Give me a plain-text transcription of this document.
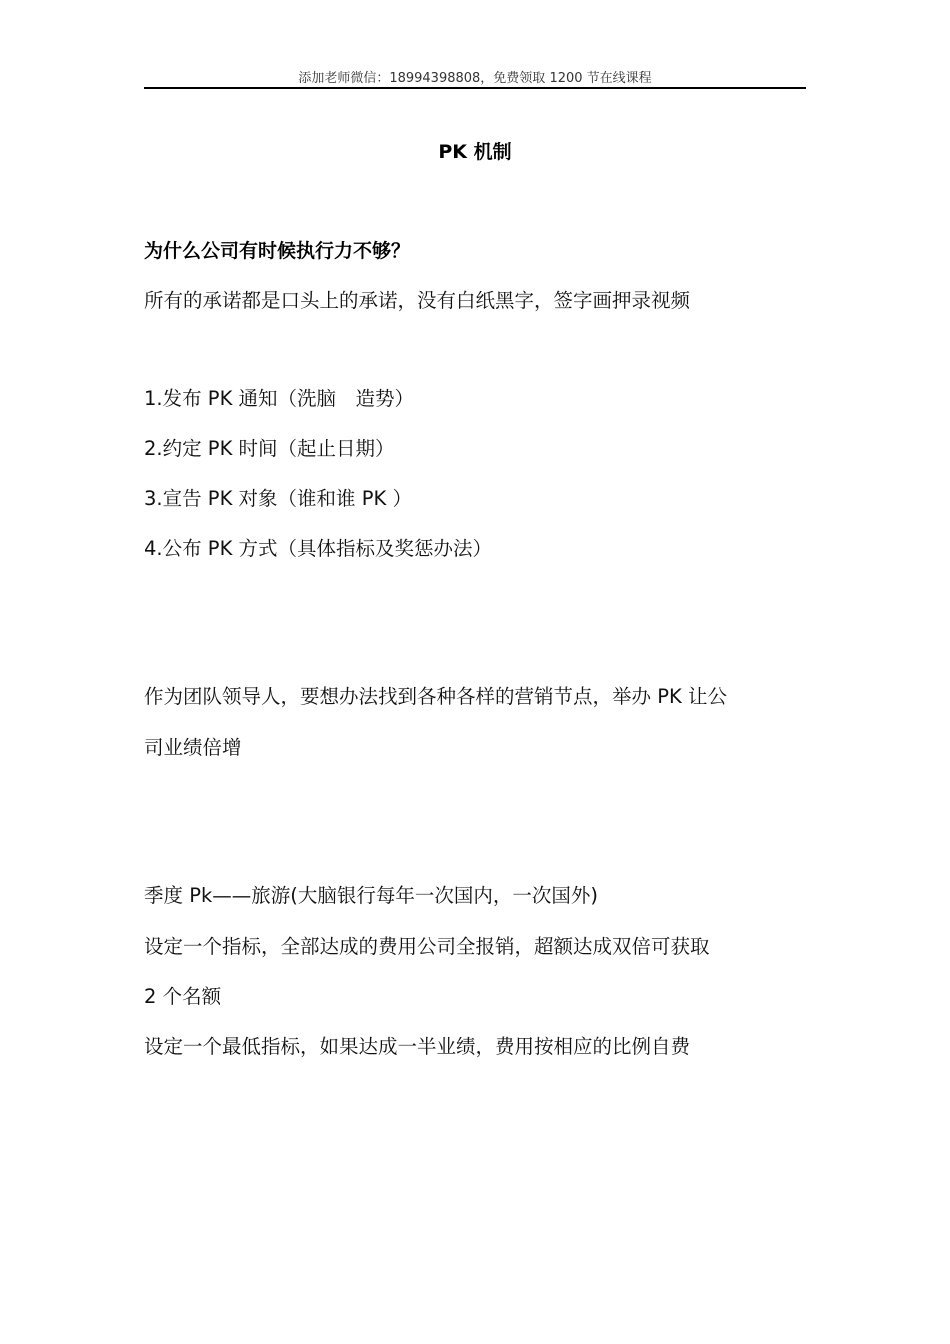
添加老师微信：18994398808，免费领取 1200 节在线课程
PK 机制
为什么公司有时候执行力不够？
所有的承诺都是口头上的承诺，没有白纸黑字，签字画押录视频
1.发布 PK 通知（洗脑　造势）
2.约定 PK 时间（起止日期）
3.宣告 PK 对象（谁和谁 PK ）
4.公布 PK 方式（具体指标及奖惩办法）
作为团队领导人，要想办法找到各种各样的营销节点，举办 PK 让公
司业绩倍增
季度 Pk——旅游(大脑银行每年一次国内，一次国外)
设定一个指标，全部达成的费用公司全报销，超额达成双倍可获取
2 个名额
设定一个最低指标，如果达成一半业绩，费用按相应的比例自费
